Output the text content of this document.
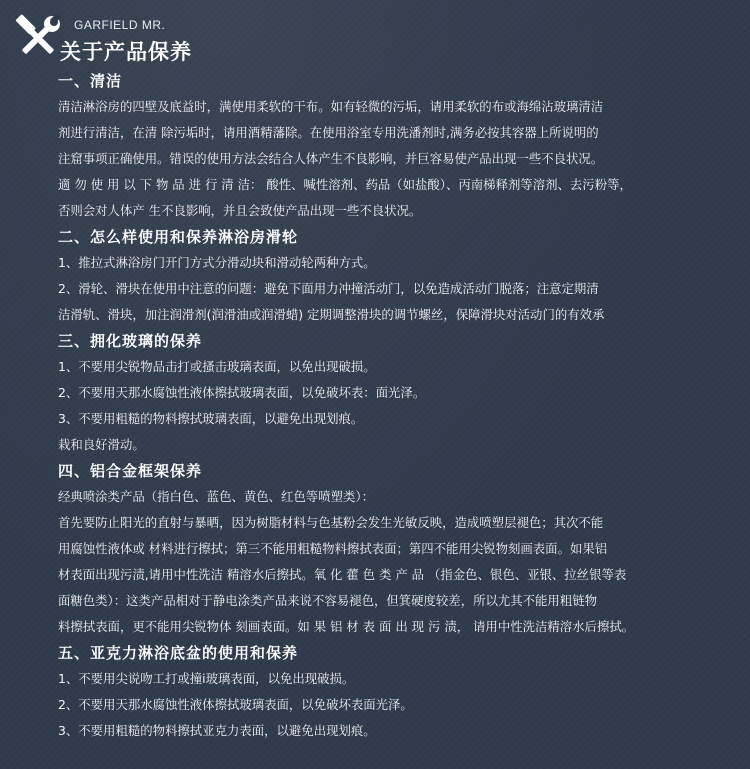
GARFIELD MR.
关于产品保养
一、清洁
清洁淋浴房的四壁及底益时，满使用柔软的干布。如有轻微的污垢，请用柔软的布或海绵沾玻璃清洁
剂进行清洁，在清 除污垢时，请用酒精藩除。在使用浴室专用洗潘剂时,满务必按其容器上所说明的
注窟事项正确使用。错误的使用方法会结合人体产生不良影响，并巨容易使产品出现一些不良状况。
適 勿 使 用 以 下 物 品 进 行 清 洁： 酸性、喊性溶剂、药品（如盐酸）、丙南梯释剂等溶剂、去污粉等，
否则会对人体产 生不良影响，并且会致使产品出现一些不良状况。
二、怎么样使用和保养淋浴房滑轮
1、推拉式淋浴房门开门方式分滑动块和滑动轮两种方式。
2、滑轮、滑块在使用中注意的问题：避免下面用力冲撞活动门，以免造成活动门脱落；注意定期清
洁滑轨、滑块，加注润滑剂(润滑油或润滑蜡) 定期调整滑块的调节螺丝，保障滑块对活动门的有效承
三、拥化玻璃的保养
1、不要用尖锐物品击打或搔击玻璃表面，以免出现破损。
2、不要用天那水腐蚀性液体擦拭玻璃表面，以免破坏表：面光泽。
3、不要用粗糙的物料擦拭玻璃表面，以避免出现划痕。
栽和良好滑动。
四、铝合金框架保养
经典喷涂类产品（指白色、蓝色、黄色、红色等喷塑类）：
首先要防止阳光的直射与暴晒，因为树脂材料与色基粉会发生光敏反映，造成喷塑层褪色；其次不能
用腐蚀性液体或 材料进行擦拭；第三不能用粗糙物料擦拭表面；第四不能用尖锐物刻画表面。如果铝
材表面出现污渍,请用中性洗洁 精溶水后擦拭。氧 化 藿 色 类 产 品 （指金色、银色、亚银、拉丝银等表
面糖色类）：这类产品相对于静电涂类产品来说不容易褪色，但箕硬度较差，所以尤其不能用粗链物
料擦拭表面，更不能用尖锐物体 刻画表面。如 果 铝 材 表 面 出 现 污 渍， 请用中性洗洁精溶水后擦拭。
五、亚克力淋浴底盆的使用和保养
1、不要用尖说吻工打或撞i玻璃表面，以免出现破损。
2、不要用天那水腐蚀性液体擦拭玻璃表面，以免破坏表面光泽。
3、不要用粗糙的物料擦拭亚克力表面，以避免出现划痕。
